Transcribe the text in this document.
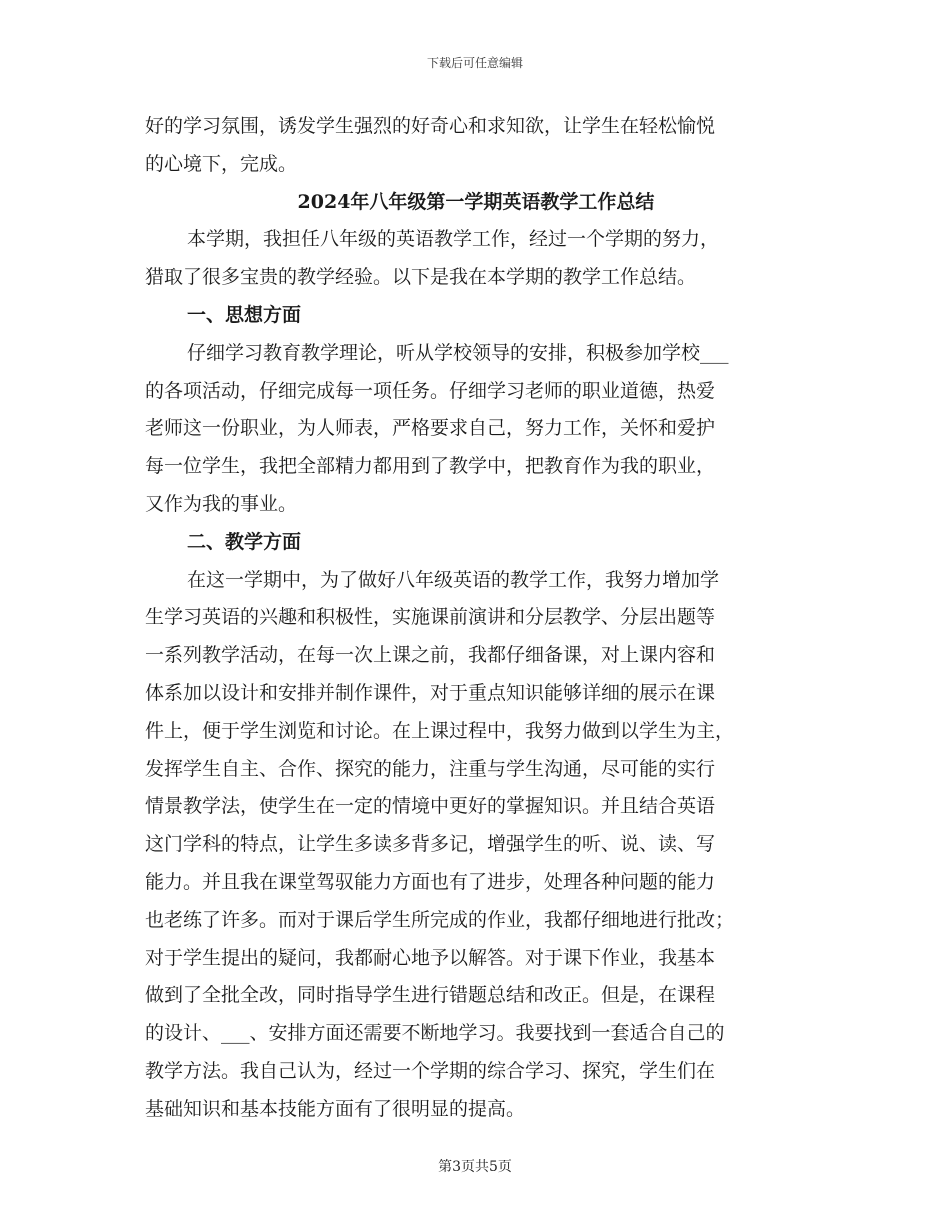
下载后可任意编辑
好的学习氛围，诱发学生强烈的好奇心和求知欲，让学生在轻松愉悦
的心境下，完成。
2024年八年级第一学期英语教学工作总结
本学期，我担任八年级的英语教学工作，经过一个学期的努力，
猎取了很多宝贵的教学经验。以下是我在本学期的教学工作总结。
一、思想方面
仔细学习教育教学理论，听从学校领导的安排，积极参加学校___
的各项活动，仔细完成每一项任务。仔细学习老师的职业道德，热爱
老师这一份职业，为人师表，严格要求自己，努力工作，关怀和爱护
每一位学生，我把全部精力都用到了教学中，把教育作为我的职业，
又作为我的事业。
二、教学方面
在这一学期中，为了做好八年级英语的教学工作，我努力增加学
生学习英语的兴趣和积极性，实施课前演讲和分层教学、分层出题等
一系列教学活动，在每一次上课之前，我都仔细备课，对上课内容和
体系加以设计和安排并制作课件，对于重点知识能够详细的展示在课
件上，便于学生浏览和讨论。在上课过程中，我努力做到以学生为主，
发挥学生自主、合作、探究的能力，注重与学生沟通，尽可能的实行
情景教学法，使学生在一定的情境中更好的掌握知识。并且结合英语
这门学科的特点，让学生多读多背多记，增强学生的听、说、读、写
能力。并且我在课堂驾驭能力方面也有了进步，处理各种问题的能力
也老练了许多。而对于课后学生所完成的作业，我都仔细地进行批改；
对于学生提出的疑问，我都耐心地予以解答。对于课下作业，我基本
做到了全批全改，同时指导学生进行错题总结和改正。但是，在课程
的设计、___、安排方面还需要不断地学习。我要找到一套适合自己的
教学方法。我自己认为，经过一个学期的综合学习、探究，学生们在
基础知识和基本技能方面有了很明显的提高。
第3页共5页
